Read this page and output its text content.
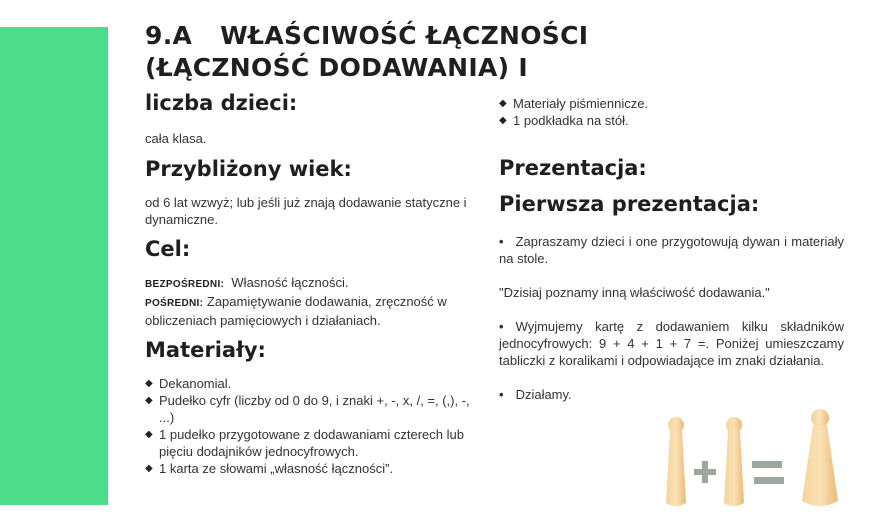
9.A WŁAŚCIWOŚĆ ŁĄCZNOŚCI
(ŁĄCZNOŚĆ DODAWANIA) I
liczba dzieci:

cała klasa.

Przybliżony wiek:

od 6 lat wzwyż; lub jeśli już znają dodawanie statyczne i dynamiczne.

Cel:

BEZPOŚREDNI: Własność łączności.

POŚREDNI: Zapamiętywanie dodawania, zręczność w obliczeniach pamięciowych i działaniach.

Materiały:
◆ Dekanomial.
◆ Pudełko cyfr (liczby od 0 do 9, i znaki +, -, x, /, =, (,), -, ...)
◆ 1 pudełko przygotowane z dodawaniami czterech lub pięciu dodajników jednocyfrowych.
◆ 1 karta ze słowami „własność łączności”.
◆ Materiały piśmiennicze.
◆ 1 podkładka na stół.
Prezentacja:
Pierwsza prezentacja:

• Zapraszamy dzieci i one przygotowują dywan i materiały na stole.

"Dzisiaj poznamy inną właściwość dodawania."

• Wyjmujemy kartę z dodawaniem kilku składników jednocyfrowych: 9 + 4 + 1 + 7 =. Poniżej umieszczamy tabliczki z koralikami i odpowiadające im znaki działania.

• Działamy.
